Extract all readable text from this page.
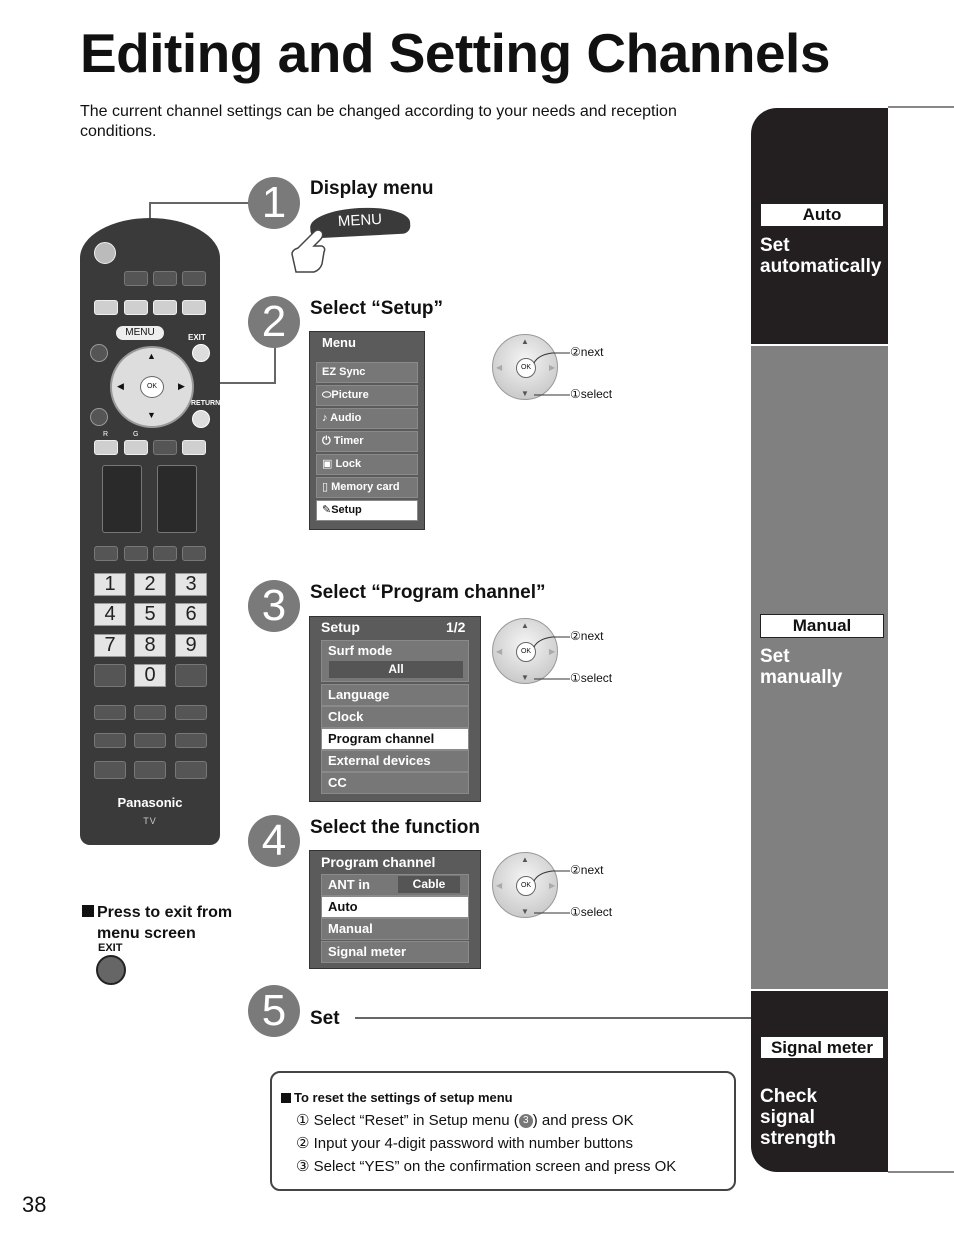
Editing and Setting Channels
The current channel settings can be changed according to your needs and reception conditions.
Auto
Set automatically
Manual
Set manually
Signal meter
Check signal strength
MENU	EXIT
OK
▲
▼
◀	▶
RETURN
R	G
1	2	3
4	5	6
7	8	9
0
Panasonic
TV
Press to exit from
menu screen
EXIT
1	Display menu
MENU
2	Select “Setup”
Menu
EZ Sync
⬭Picture
♪ Audio
⏻ Timer
▣ Lock
▯ Memory card
✎Setup
OK
▲
▼
◀	▶
②next
①select
OK
▲
▼
◀	▶
②next
①select
OK
▲
▼
◀	▶
②next
①select
3	Select “Program channel”
Setup	1/2
Surf mode
All
Language
Clock
Program channel
External devices
CC
4	Select the function
Program channel
ANT in	Cable
Auto
Manual
Signal meter
5	Set
To reset the settings of setup menu
① Select “Reset” in Setup menu ( 3 ) and press OK
② Input your 4-digit password with number buttons
③ Select “YES” on the confirmation screen and press OK
38
